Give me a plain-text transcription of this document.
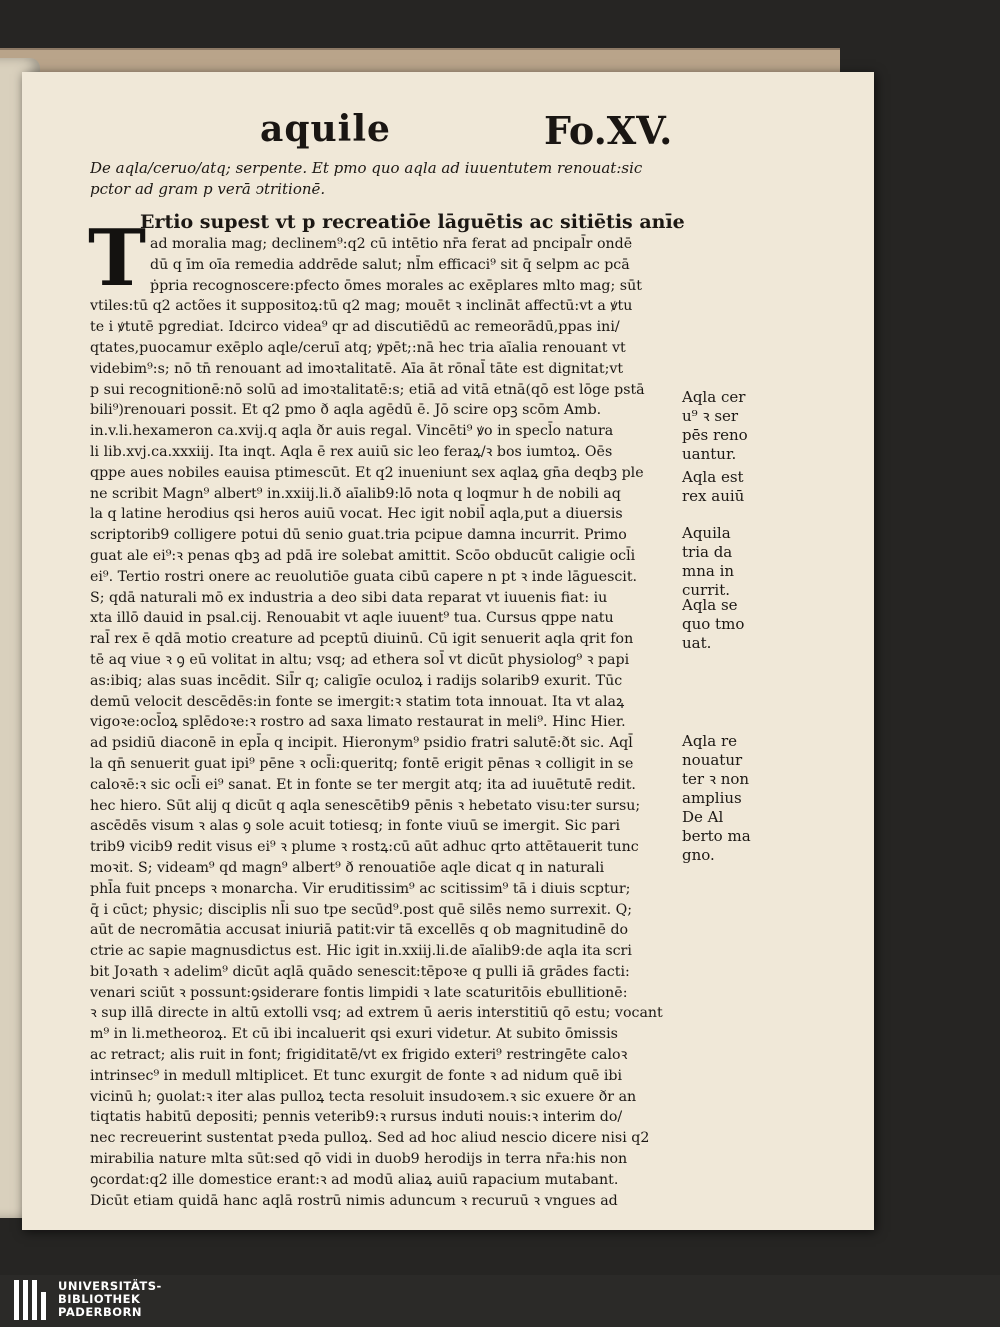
aquile	Fo.XV.
De aqla/ceruo/atq; serpente. Et pmo quo aqla ad iuuentutem renouat:sic
pctor ad gram p verā ↄtritionē.
T
Ertio supest vt p recreatiōe lāguētis ac sitiētis anīe
ad moralia mag; declinem⁹:q2 cū intētio nr̄a ferat ad pncipal̄r ondē
dū q īm oīa remedia addrēde salut; nl̄m efficaci⁹ sit q̄ selpm ac pcā
ṗpria recognoscere:pfecto ōmes morales ac exēplares mlto mag; sūt
vtiles:tū q2 actões it suppositoꝝ:tū q2 mag; mouēt ꝛ inclināt affectū:vt a ꝟtu
te i ꝟtutē pgrediat. Idcirco videa⁹ qr ad discutiēdū ac remeorādū,ppas ini/
qtates,puocamur exēplo aqle/ceruī atq; ꝟpēt;:nā hec tria aīalia renouant vt
videbim⁹:s; nō tn̄ renouant ad imoꝛtalitatē. Aīa āt rōnal̄ tāte est dignitat;vt
p sui recognitionē:nō solū ad imoꝛtalitatē:s; etiā ad vitā etnā(qō est lōge pstā
bili⁹)renouari possit. Et q2 pmo ð aqla agēdū ē. Jō scire opꝫ scōm Amb.
in.v.li.hexameron ca.xvij.q aqla ðr auis regal. Vincēti⁹ ꝟo in specl̄o natura
li lib.xvj.ca.xxxiij. Ita inqt. Aqla ē rex auiū sic leo feraꝝ/ꝛ bos iumtoꝝ. Oēs
qppe aues nobiles eauisa ptimescūt. Et q2 inueniunt sex aqlaꝝ gn̄a deqbꝫ ple
ne scribit Magn⁹ albert⁹ in.xxiij.li.ð aīalib9:lō nota q loqmur h de nobili aq
la q latine herodius qsi heros auiū vocat. Hec igit nobil̄ aqla,put a diuersis
scriptorib9 colligere potui dū senio guat.tria pcipue damna incurrit. Primo
guat ale ei⁹:ꝛ penas qbꝫ ad pdā ire solebat amittit. Scōo obducūt caligie ocl̄i
ei⁹. Tertio rostri onere ac reuolutiōe guata cibū capere n pt ꝛ inde lāguescit.
S; qdā naturali mō ex industria a deo sibi data reparat vt iuuenis fiat: iu
xta illō dauid in psal.cij. Renouabit vt aqle iuuent⁹ tua. Cursus qppe natu
ral̄ rex ē qdā motio creature ad pceptū diuinū. Cū igit senuerit aqla qrit fon
tē aq viue ꝛ ꝯ eū volitat in altu; vsq; ad ethera sol̄ vt dicūt physiolog⁹ ꝛ papi
as:ibiq; alas suas incēdit. Sil̄r q; caligīe oculoꝝ i radijs solarib9 exurit. Tūc
demū velocit descēdēs:in fonte se imergit:ꝛ statim tota innouat. Ita vt alaꝝ
vigoꝛe:ocl̄oꝝ splēdoꝛe:ꝛ rostro ad saxa limato restaurat in meli⁹. Hinc Hier.
ad psidiū diaconē in epl̄a q incipit. Hieronym⁹ psidio fratri salutē:ðt sic. Aql̄
la qn̄ senuerit guat ipi⁹ pēne ꝛ ocl̄i:queritq; fontē erigit pēnas ꝛ colligit in se
caloꝛē:ꝛ sic ocl̄i ei⁹ sanat. Et in fonte se ter mergit atq; ita ad iuuētutē redit.
hec hiero. Sūt alij q dicūt q aqla senescētib9 pēnis ꝛ hebetato visu:ter sursu;
ascēdēs visum ꝛ alas ꝯ sole acuit totiesq; in fonte viuū se imergit. Sic pari
trib9 vicib9 redit visus ei⁹ ꝛ plume ꝛ rostꝝ:cū aūt adhuc qrto attētauerit tunc
moꝛit. S; videam⁹ qd magn⁹ albert⁹ ð renouatiōe aqle dicat q in naturali
phl̄a fuit pnceps ꝛ monarcha. Vir eruditissim⁹ ac scitissim⁹ tā i diuis scptur;
q̄ i cūct; physic; disciplis nl̄i suo tpe secūd⁹.post quē silēs nemo surrexit. Q;
aūt de necromātia accusat iniuriā patit:vir tā excellēs q ob magnitudinē do
ctrie ac sapie magnusdictus est. Hic igit in.xxiij.li.de aīalib9:de aqla ita scri
bit Joꝛath ꝛ adelim⁹ dicūt aqlā quādo senescit:tēpoꝛe q pulli iā grādes facti:
venari sciūt ꝛ possunt:ꝯsiderare fontis limpidi ꝛ late scaturitōis ebullitionē:
ꝛ sup illā directe in altū extolli vsq; ad extrem ū aeris interstitiū qō estu; vocant
m⁹ in li.metheoroꝝ. Et cū ibi incaluerit qsi exuri videtur. At subito ōmissis
ac retract; alis ruit in font; frigiditatē/vt ex frigido exteri⁹ restringēte caloꝛ
intrinsec⁹ in medull mltiplicet. Et tunc exurgit de fonte ꝛ ad nidum quē ibi
vicinū h; ꝯuolat:ꝛ iter alas pulloꝝ tecta resoluit insudoꝛem.ꝛ sic exuere ðr an
tiqtatis habitū depositi; pennis veterib9:ꝛ rursus induti nouis:ꝛ interim do/
nec recreuerint sustentat pꝛeda pulloꝝ. Sed ad hoc aliud nescio dicere nisi q2
mirabilia nature mlta sūt:sed qō vidi in duob9 herodijs in terra nr̄a:his non
ꝯcordat:q2 ille domestice erant:ꝛ ad modū aliaꝝ auiū rapacium mutabant.
Dicūt etiam quidā hanc aqlā rostrū nimis aduncum ꝛ recuruū ꝛ vngues ad
Aqla cer
u⁹ ꝛ ser
pēs reno
uantur.
Aqla est
rex auiū
Aquila
tria da
mna in
currit.
Aqla se
quo tmo
uat.
Aqla re
nouatur
ter ꝛ non
amplius
De Al
berto ma
gno.
UNIVERSITÄTS-
BIBLIOTHEK
PADERBORN
